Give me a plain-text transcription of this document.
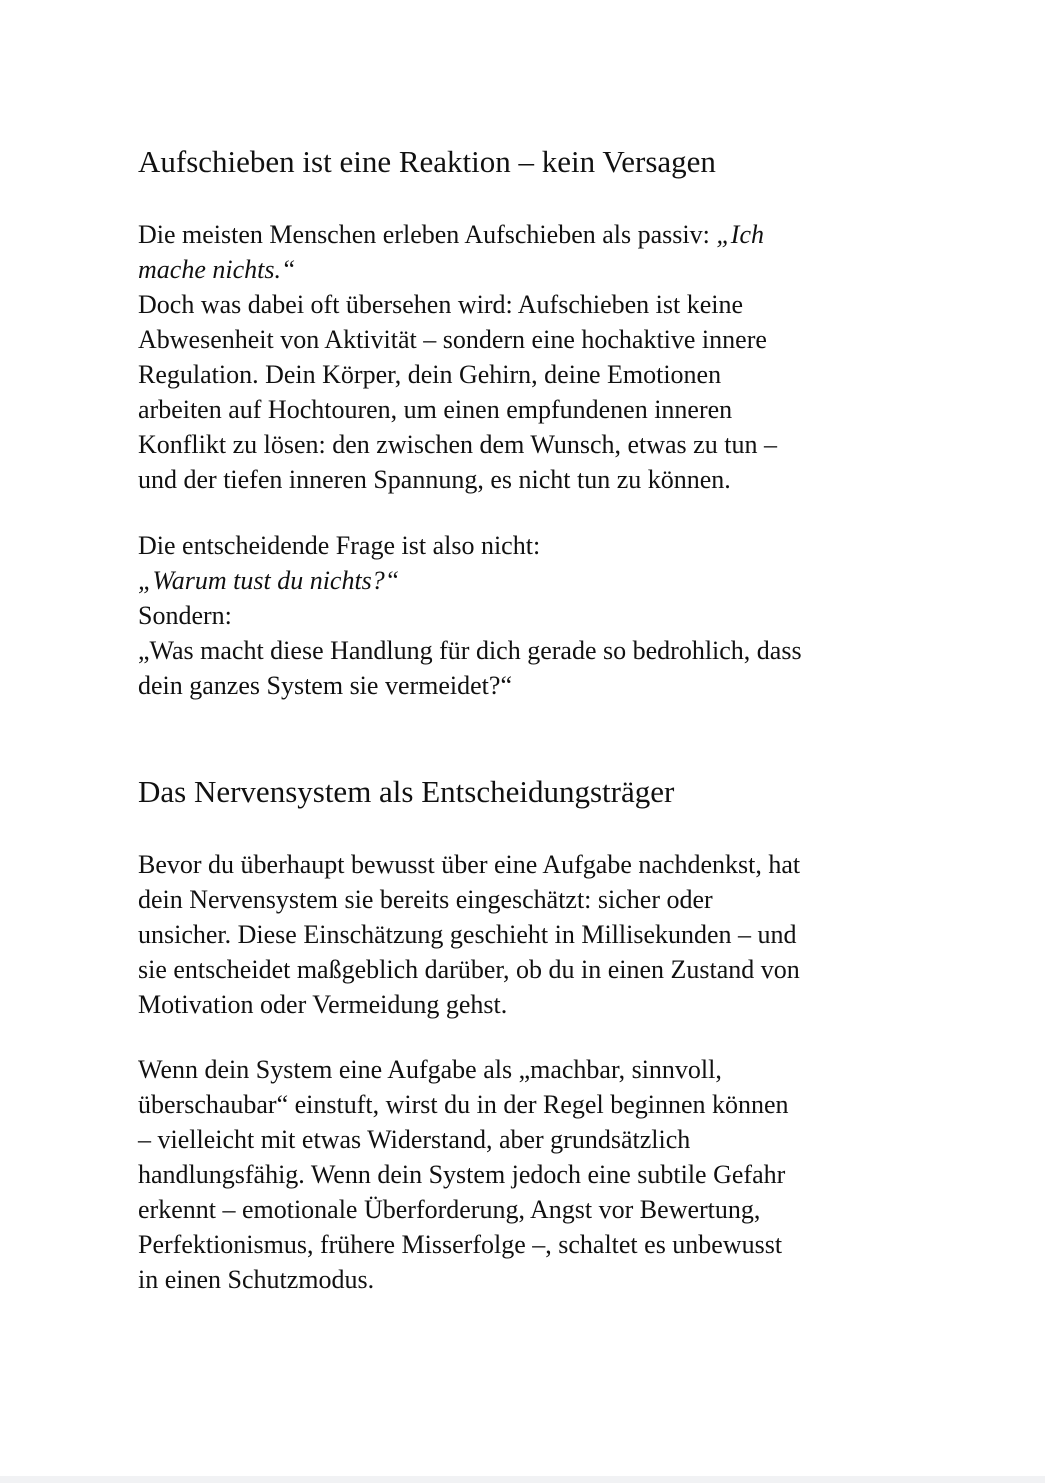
Aufschieben ist eine Reaktion – kein Versagen

Die meisten Menschen erleben Aufschieben als passiv: „Ich
mache nichts.“
Doch was dabei oft übersehen wird: Aufschieben ist keine
Abwesenheit von Aktivität – sondern eine hochaktive innere
Regulation. Dein Körper, dein Gehirn, deine Emotionen
arbeiten auf Hochtouren, um einen empfundenen inneren
Konflikt zu lösen: den zwischen dem Wunsch, etwas zu tun –
und der tiefen inneren Spannung, es nicht tun zu können.

Die entscheidende Frage ist also nicht:
„Warum tust du nichts?“
Sondern:
„Was macht diese Handlung für dich gerade so bedrohlich, dass
dein ganzes System sie vermeidet?“

Das Nervensystem als Entscheidungsträger

Bevor du überhaupt bewusst über eine Aufgabe nachdenkst, hat
dein Nervensystem sie bereits eingeschätzt: sicher oder
unsicher. Diese Einschätzung geschieht in Millisekunden – und
sie entscheidet maßgeblich darüber, ob du in einen Zustand von
Motivation oder Vermeidung gehst.

Wenn dein System eine Aufgabe als „machbar, sinnvoll,
überschaubar“ einstuft, wirst du in der Regel beginnen können
– vielleicht mit etwas Widerstand, aber grundsätzlich
handlungsfähig. Wenn dein System jedoch eine subtile Gefahr
erkennt – emotionale Überforderung, Angst vor Bewertung,
Perfektionismus, frühere Misserfolge –, schaltet es unbewusst
in einen Schutzmodus.
